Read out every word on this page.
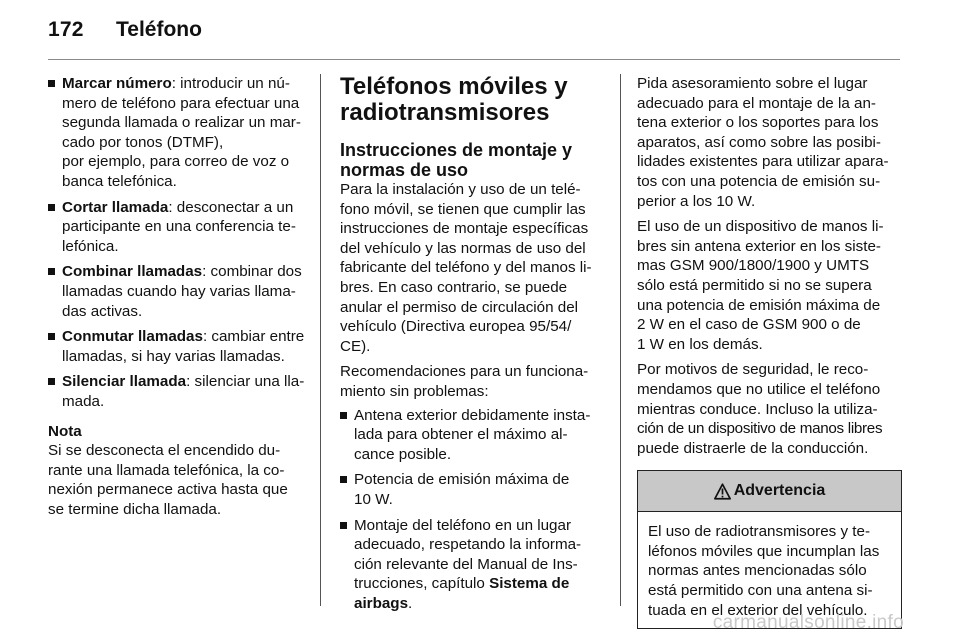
172 Teléfono
Marcar número: introducir un nú-
mero de teléfono para efectuar una
segunda llamada o realizar un mar-
cado por tonos (DTMF),
por ejemplo, para correo de voz o
banca telefónica.
Cortar llamada: desconectar a un
participante en una conferencia te-
lefónica.
Combinar llamadas: combinar dos
llamadas cuando hay varias llama-
das activas.
Conmutar llamadas: cambiar entre
llamadas, si hay varias llamadas.
Silenciar llamada: silenciar una lla-
mada.
Nota
Si se desconecta el encendido du-
rante una llamada telefónica, la co-
nexión permanece activa hasta que
se termine dicha llamada.
Teléfonos móviles y
radiotransmisores
Instrucciones de montaje y
normas de uso

Para la instalación y uso de un telé-
fono móvil, se tienen que cumplir las
instrucciones de montaje específicas
del vehículo y las normas de uso del
fabricante del teléfono y del manos li-
bres. En caso contrario, se puede
anular el permiso de circulación del
vehículo (Directiva europea 95/54/
CE).

Recomendaciones para un funciona-
miento sin problemas:

Antena exterior debidamente insta-
lada para obtener el máximo al-
cance posible.
Potencia de emisión máxima de
10 W.
Montaje del teléfono en un lugar
adecuado, respetando la informa-
ción relevante del Manual de Ins-
trucciones, capítulo Sistema de
airbags.

Pida asesoramiento sobre el lugar
adecuado para el montaje de la an-
tena exterior o los soportes para los
aparatos, así como sobre las posibi-
lidades existentes para utilizar apara-
tos con una potencia de emisión su-
perior a los 10 W.

El uso de un dispositivo de manos li-
bres sin antena exterior en los siste-
mas GSM 900/1800/1900 y UMTS
sólo está permitido si no se supera
una potencia de emisión máxima de
2 W en el caso de GSM 900 o de
1 W en los demás.

Por motivos de seguridad, le reco-
mendamos que no utilice el teléfono
mientras conduce. Incluso la utiliza-
ción de un dispositivo de manos libres
puede distraerle de la conducción.

Advertencia
El uso de radiotransmisores y te-
léfonos móviles que incumplan las
normas antes mencionadas sólo
está permitido con una antena si-
tuada en el exterior del vehículo.
carmanualsonline.info
